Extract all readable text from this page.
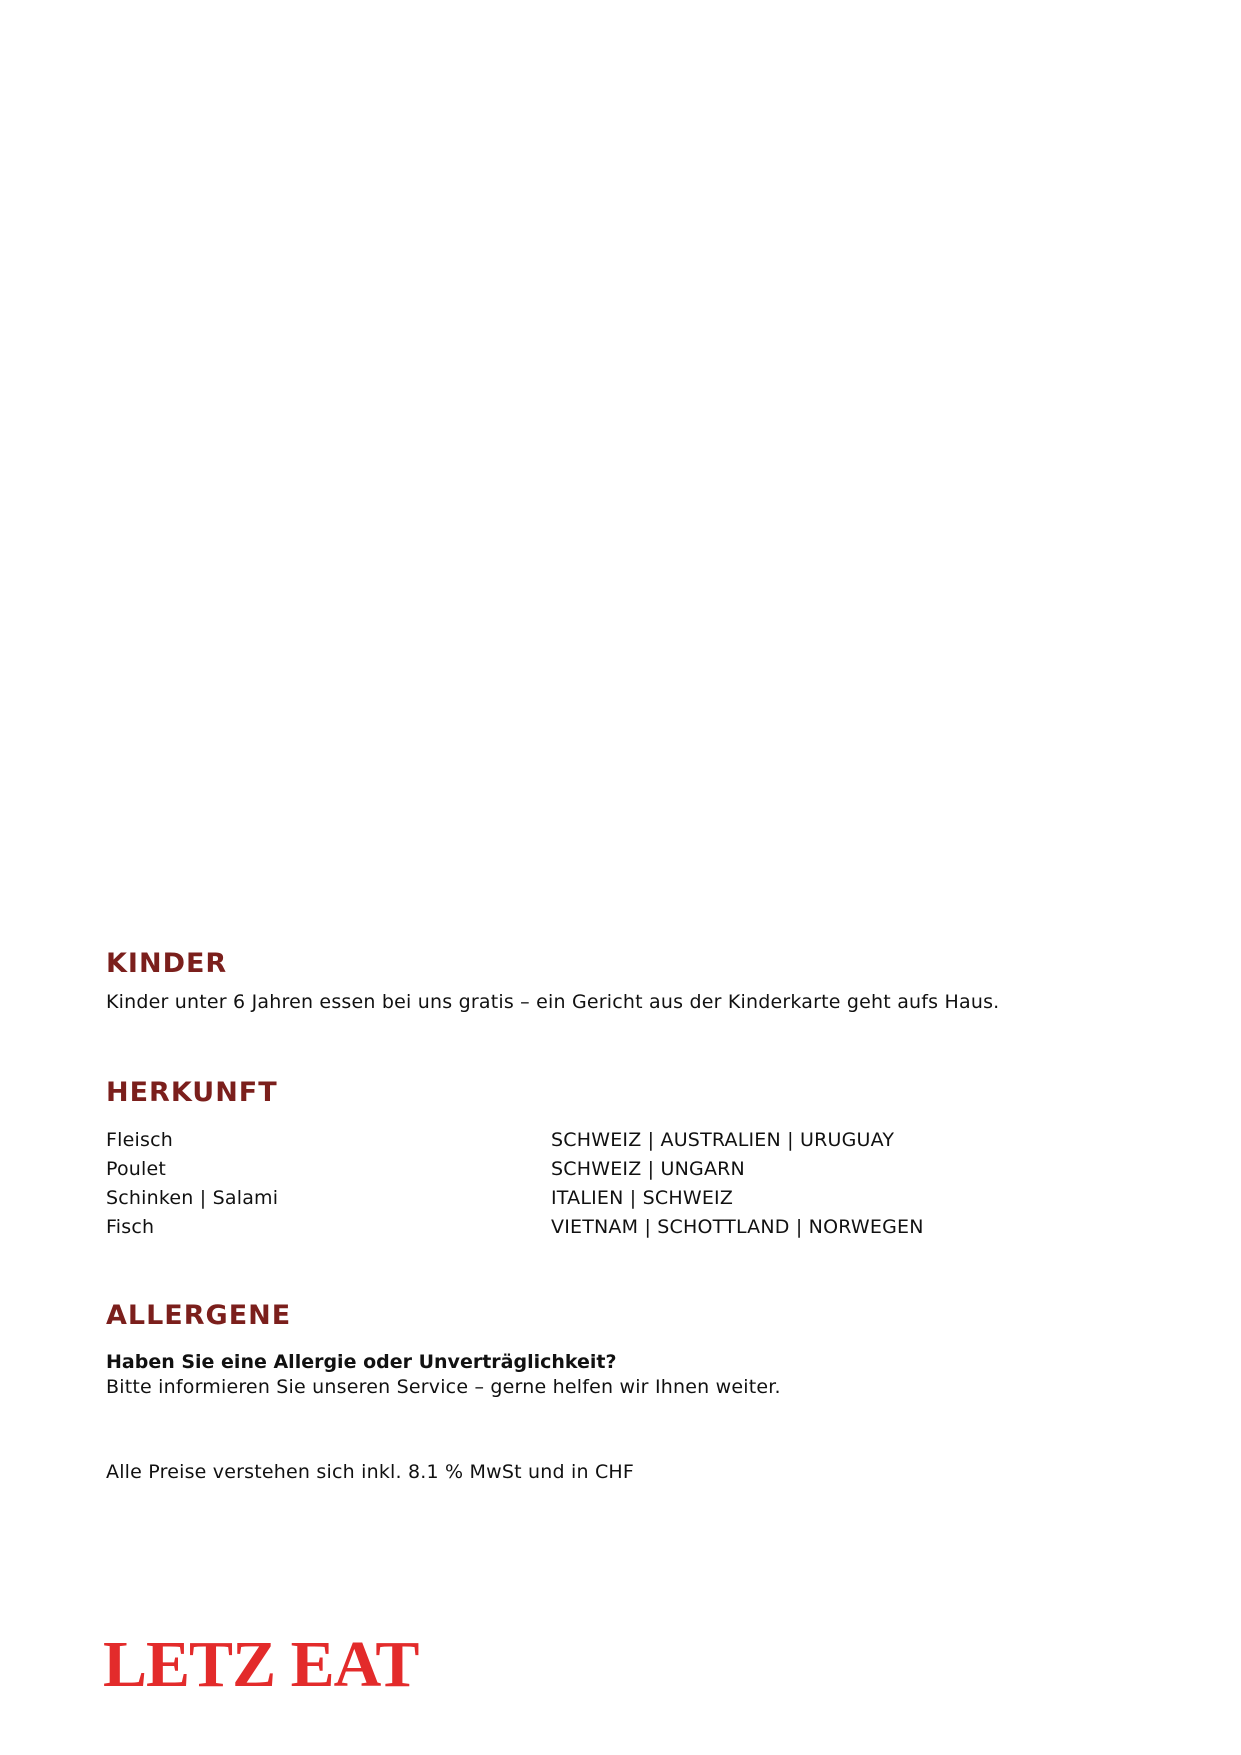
KINDER

Kinder unter 6 Jahren essen bei uns gratis – ein Gericht aus der Kinderkarte geht aufs Haus.

HERKUNFT
Fleisch	SCHWEIZ | AUSTRALIEN | URUGUAY
Poulet	SCHWEIZ | UNGARN
Schinken | Salami	ITALIEN | SCHWEIZ
Fisch	VIETNAM | SCHOTTLAND | NORWEGEN
ALLERGENE

Haben Sie eine Allergie oder Unverträglichkeit?

Bitte informieren Sie unseren Service – gerne helfen wir Ihnen weiter.

Alle Preise verstehen sich inkl. 8.1 % MwSt und in CHF

LETZ EAT
